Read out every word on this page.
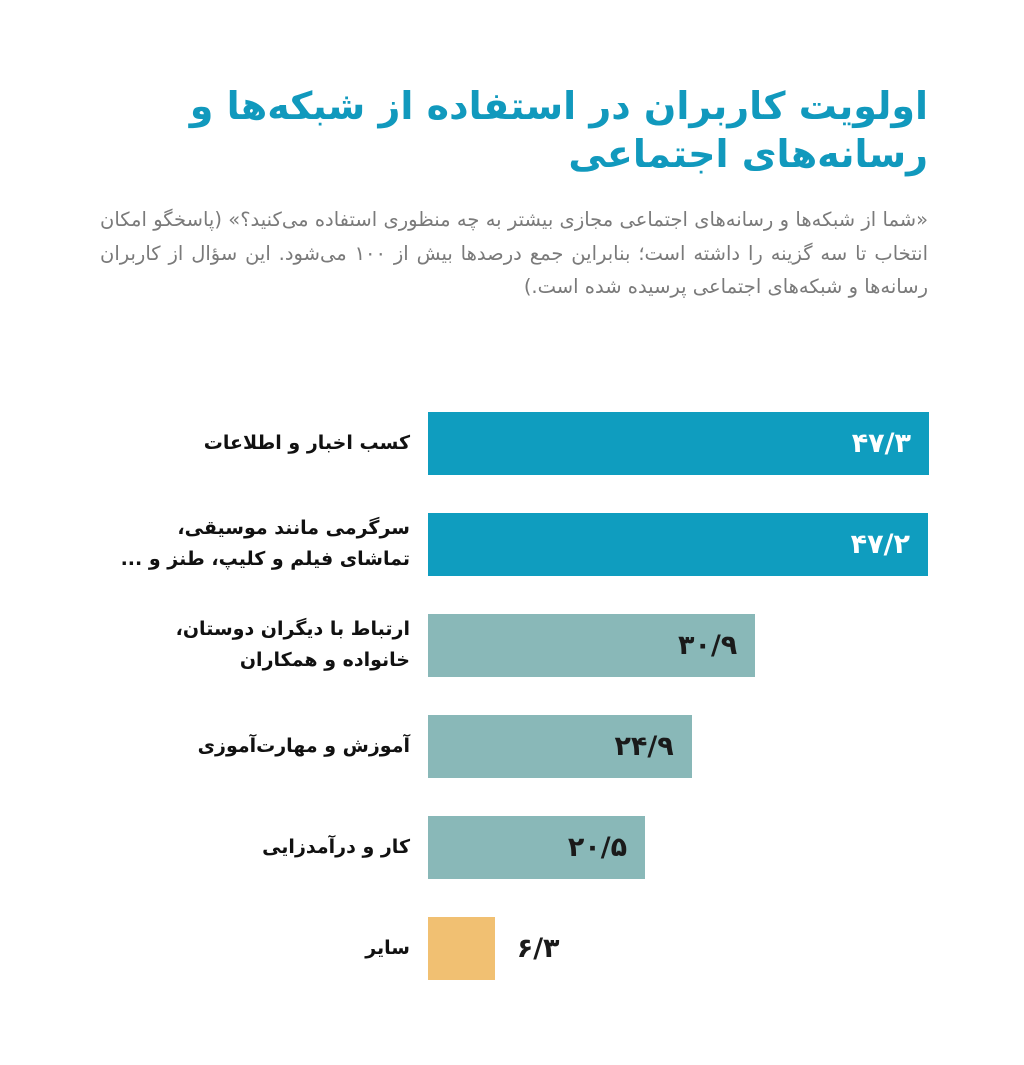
اولویت کاربران در استفاده از شبکه‌ها و
رسانه‌های اجتماعی
«شما از شبکه‌ها و رسانه‌های اجتماعی مجازی بیشتر به چه منظوری استفاده می‌کنید؟» (پاسخگو امکان انتخاب تا سه گزینه را داشته است؛ بنابراین جمع درصدها بیش از ۱۰۰ می‌شود. این سؤال از کاربران رسانه‌ها و شبکه‌های اجتماعی پرسیده شده است.)
کسب اخبار و اطلاعات	۴۷/۳
سرگرمی مانند موسیقی،
تماشای فیلم و کلیپ، طنز و ...	۴۷/۲
ارتباط با دیگران دوستان،
خانواده و همکاران	۳۰/۹
آموزش و مهارت‌آموزی	۲۴/۹
کار و درآمدزایی	۲۰/۵
سایر	۶/۳
